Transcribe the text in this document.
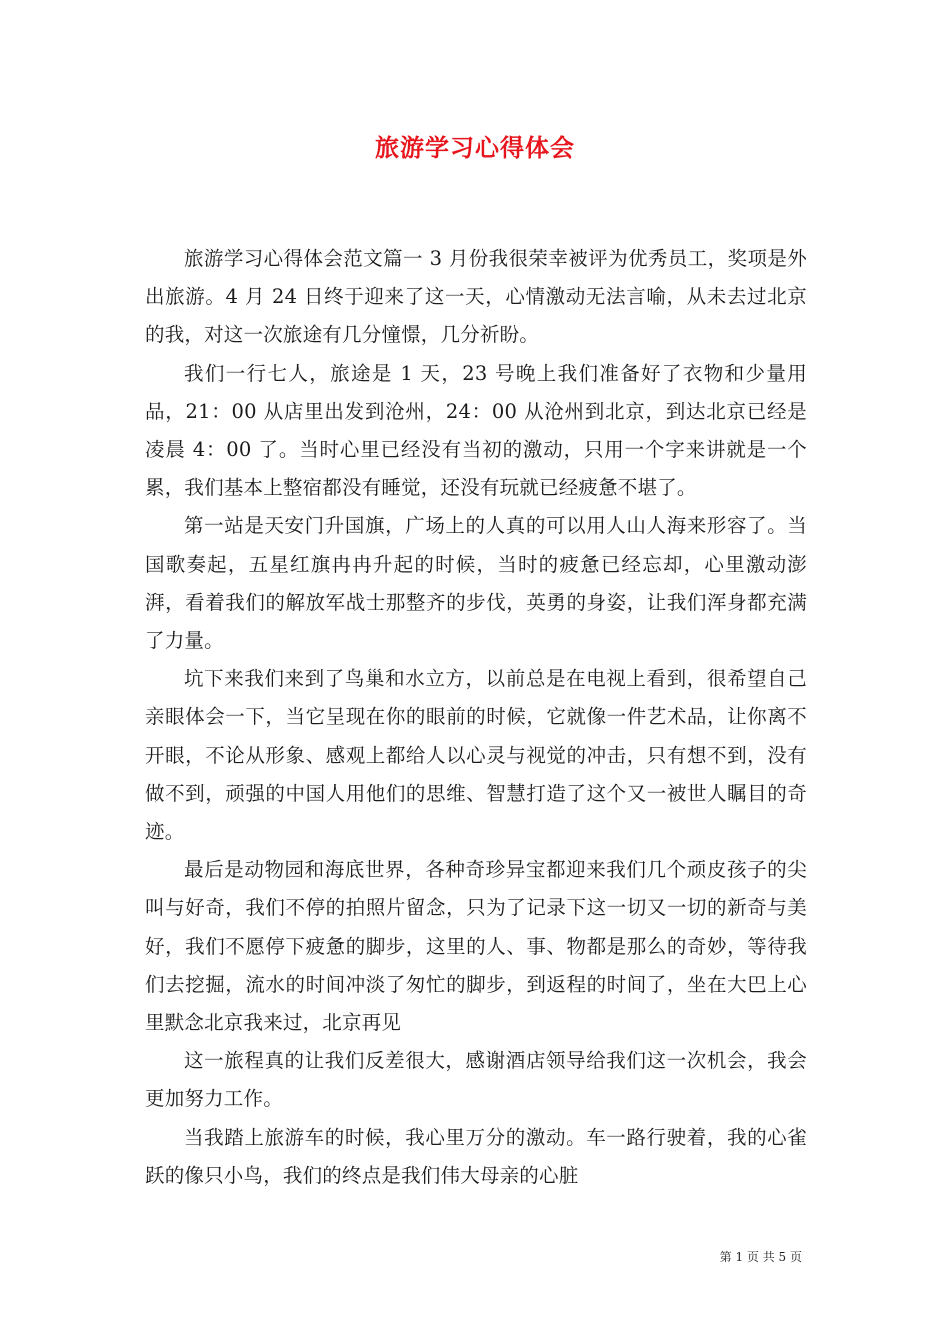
旅游学习心得体会

旅游学习心得体会范文篇一 3 月份我很荣幸被评为优秀员工，奖项是外出旅游。4 月 24 日终于迎来了这一天，心情激动无法言喻，从未去过北京的我，对这一次旅途有几分憧憬，几分祈盼。

我们一行七人，旅途是 1 天，23 号晚上我们准备好了衣物和少量用品，21：00 从店里出发到沧州，24：00 从沧州到北京，到达北京已经是凌晨 4：00 了。当时心里已经没有当初的激动，只用一个字来讲就是一个累，我们基本上整宿都没有睡觉，还没有玩就已经疲惫不堪了。

第一站是天安门升国旗，广场上的人真的可以用人山人海来形容了。当国歌奏起，五星红旗冉冉升起的时候，当时的疲惫已经忘却，心里激动澎湃，看着我们的解放军战士那整齐的步伐，英勇的身姿，让我们浑身都充满了力量。

坑下来我们来到了鸟巢和水立方，以前总是在电视上看到，很希望自己亲眼体会一下，当它呈现在你的眼前的时候，它就像一件艺术品，让你离不开眼，不论从形象、感观上都给人以心灵与视觉的冲击，只有想不到，没有做不到，顽强的中国人用他们的思维、智慧打造了这个又一被世人瞩目的奇迹。

最后是动物园和海底世界，各种奇珍异宝都迎来我们几个顽皮孩子的尖叫与好奇，我们不停的拍照片留念，只为了记录下这一切又一切的新奇与美好，我们不愿停下疲惫的脚步，这里的人、事、物都是那么的奇妙，等待我们去挖掘，流水的时间冲淡了匆忙的脚步，到返程的时间了，坐在大巴上心里默念北京我来过，北京再见

这一旅程真的让我们反差很大，感谢酒店领导给我们这一次机会，我会更加努力工作。

当我踏上旅游车的时候，我心里万分的激动。车一路行驶着，我的心雀跃的像只小鸟，我们的终点是我们伟大母亲的心脏

第 1 页 共 5 页
